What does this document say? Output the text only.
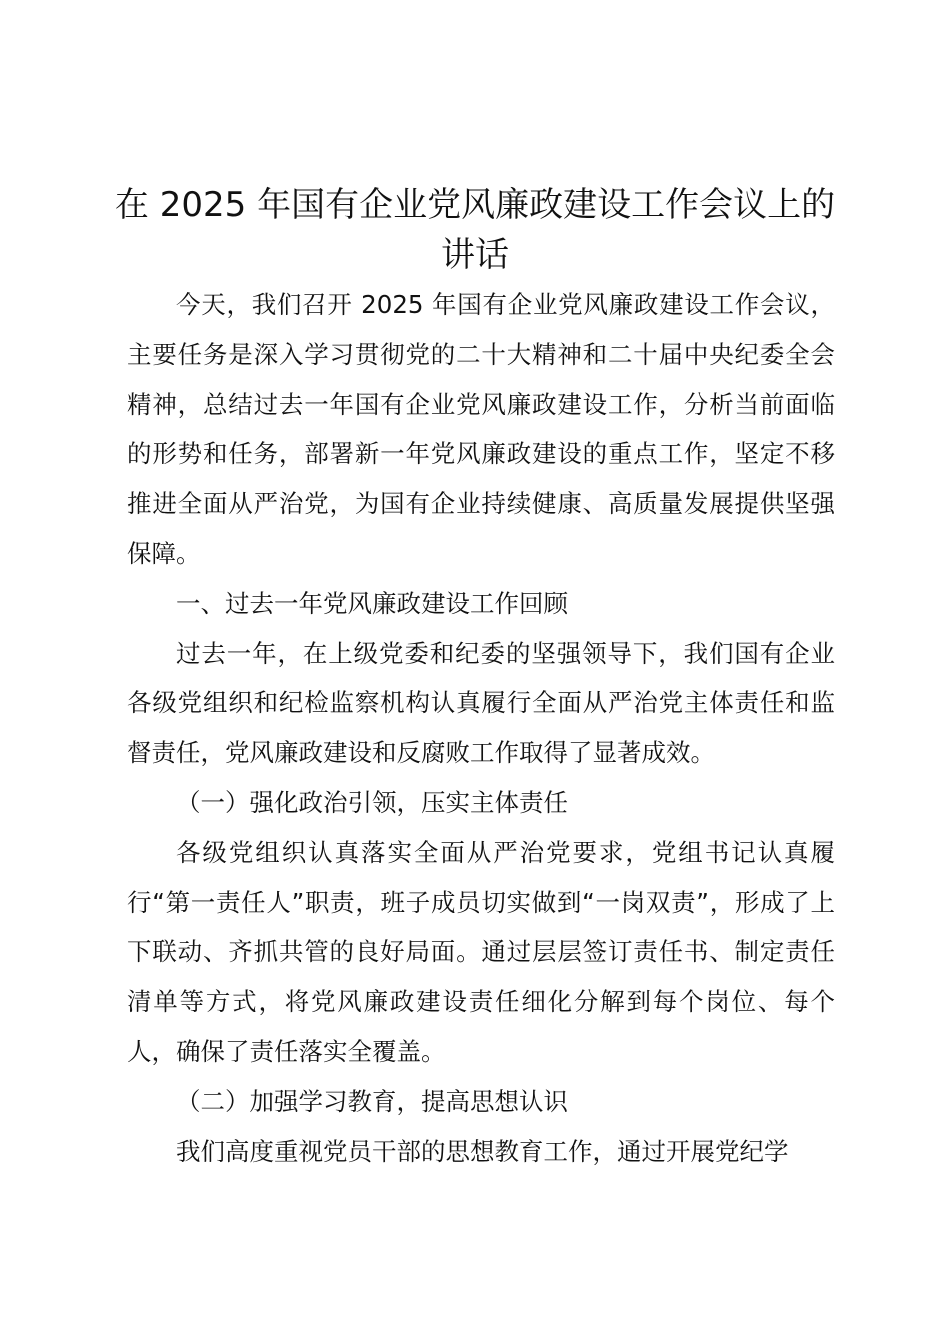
在 2025 年国有企业党风廉政建设工作会议上的讲话

今天，我们召开 2025 年国有企业党风廉政建设工作会议，主要任务是深入学习贯彻党的二十大精神和二十届中央纪委全会精神，总结过去一年国有企业党风廉政建设工作，分析当前面临的形势和任务，部署新一年党风廉政建设的重点工作，坚定不移推进全面从严治党，为国有企业持续健康、高质量发展提供坚强保障。

一、过去一年党风廉政建设工作回顾

过去一年，在上级党委和纪委的坚强领导下，我们国有企业各级党组织和纪检监察机构认真履行全面从严治党主体责任和监督责任，党风廉政建设和反腐败工作取得了显著成效。

（一）强化政治引领，压实主体责任

各级党组织认真落实全面从严治党要求，党组书记认真履行“第一责任人”职责，班子成员切实做到“一岗双责”，形成了上下联动、齐抓共管的良好局面。通过层层签订责任书、制定责任清单等方式，将党风廉政建设责任细化分解到每个岗位、每个人，确保了责任落实全覆盖。

（二）加强学习教育，提高思想认识

我们高度重视党员干部的思想教育工作，通过开展党纪学
